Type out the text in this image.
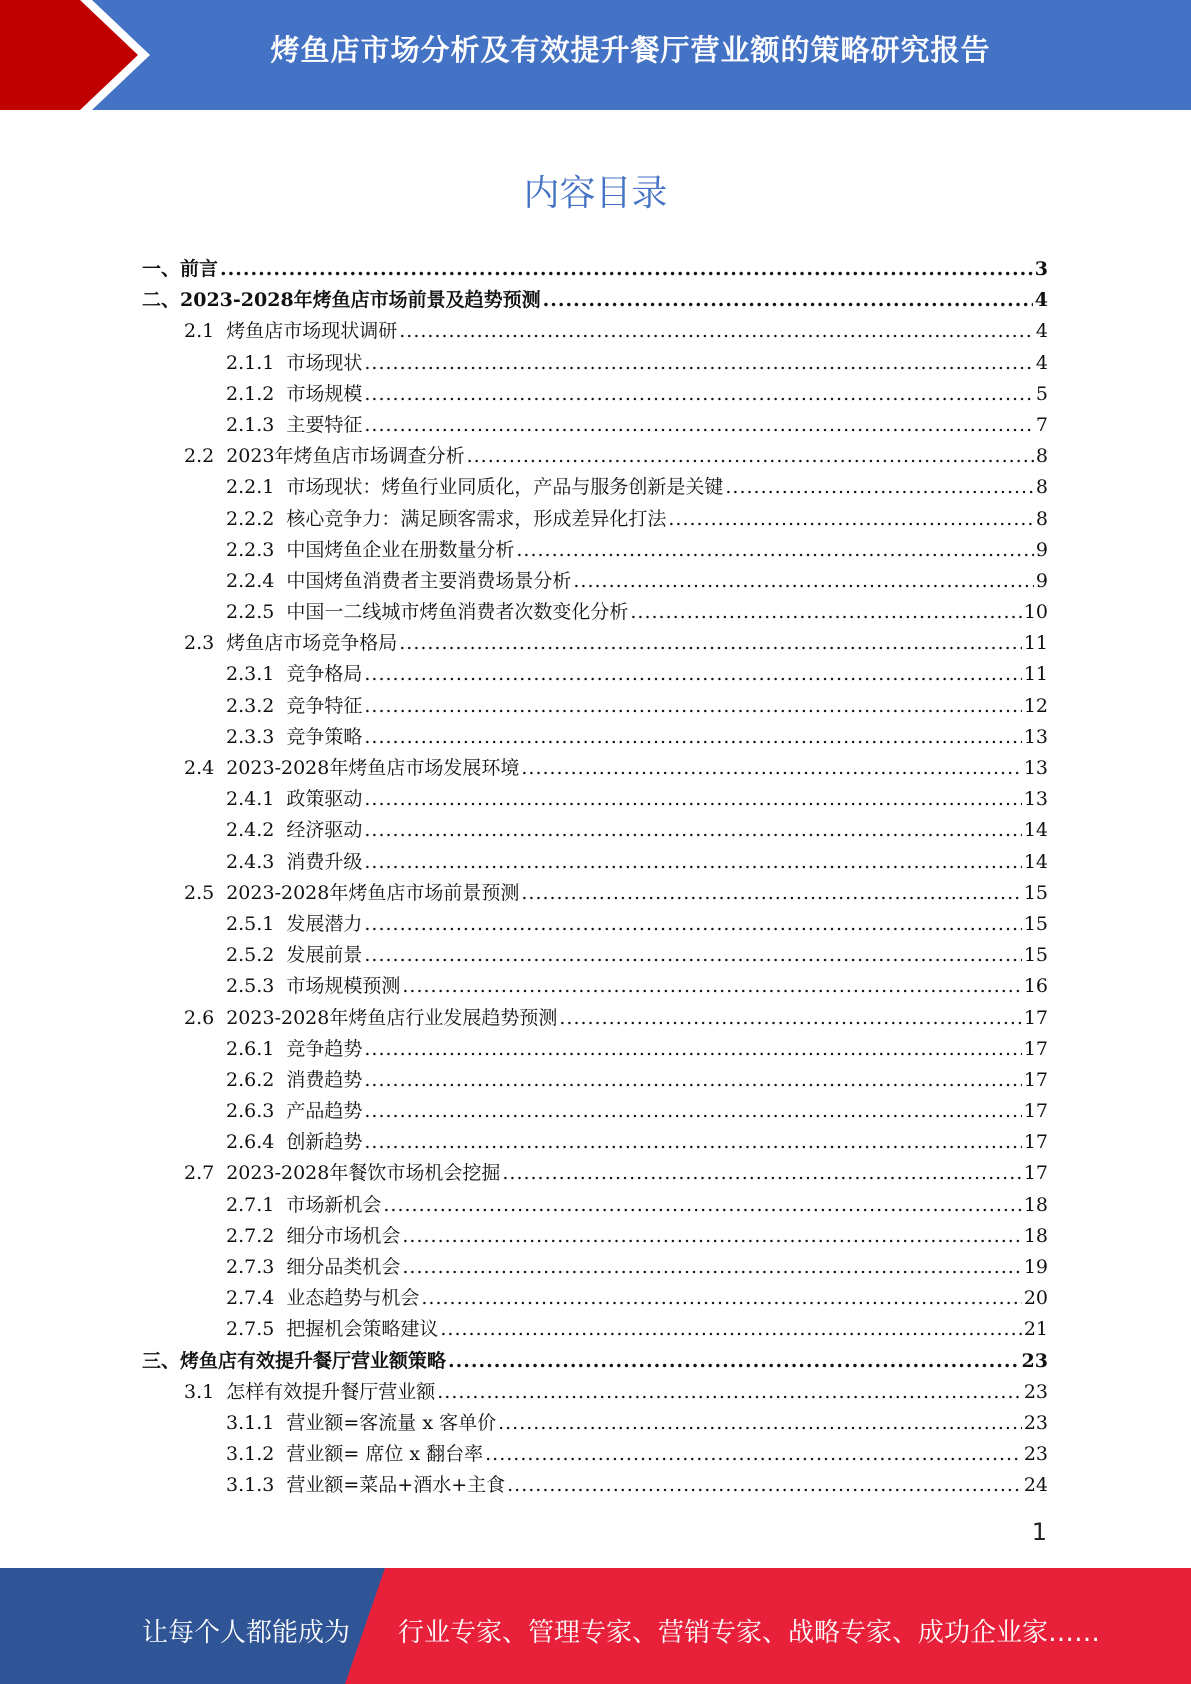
烤鱼店市场分析及有效提升餐厅营业额的策略研究报告
内容目录
一、 前言 .....	3
二、 2023-2028年烤鱼店市场前景及趋势预测 .....	4
2.1 烤鱼店市场现状调研 .....	4
2.1.1 市场现状 .....	4
2.1.2 市场规模 .....	5
2.1.3 主要特征 .....	7
2.2 2023年烤鱼店市场调查分析 .....	8
2.2.1 市场现状：烤鱼行业同质化，产品与服务创新是关键 .....	8
2.2.2 核心竞争力：满足顾客需求，形成差异化打法 .....	8
2.2.3 中国烤鱼企业在册数量分析 .....	9
2.2.4 中国烤鱼消费者主要消费场景分析 .....	9
2.2.5 中国一二线城市烤鱼消费者次数变化分析 .....	10
2.3 烤鱼店市场竞争格局 .....	11
2.3.1 竞争格局 .....	11
2.3.2 竞争特征 .....	12
2.3.3 竞争策略 .....	13
2.4 2023-2028年烤鱼店市场发展环境 .....	13
2.4.1 政策驱动 .....	13
2.4.2 经济驱动 .....	14
2.4.3 消费升级 .....	14
2.5 2023-2028年烤鱼店市场前景预测 .....	15
2.5.1 发展潜力 .....	15
2.5.2 发展前景 .....	15
2.5.3 市场规模预测 .....	16
2.6 2023-2028年烤鱼店行业发展趋势预测 .....	17
2.6.1 竞争趋势 .....	17
2.6.2 消费趋势 .....	17
2.6.3 产品趋势 .....	17
2.6.4 创新趋势 .....	17
2.7 2023-2028年餐饮市场机会挖掘 .....	17
2.7.1 市场新机会 .....	18
2.7.2 细分市场机会 .....	18
2.7.3 细分品类机会 .....	19
2.7.4 业态趋势与机会 .....	20
2.7.5 把握机会策略建议 .....	21
三、 烤鱼店有效提升餐厅营业额策略 .....	23
3.1 怎样有效提升餐厅营业额 .....	23
3.1.1 营业额=客流量 x 客单价 .....	23
3.1.2 营业额= 席位 x 翻台率 .....	23
3.1.3 营业额=菜品+酒水+主食 .....	24
1
让每个人都能成为 行业专家、管理专家、营销专家、战略专家、成功企业家……
